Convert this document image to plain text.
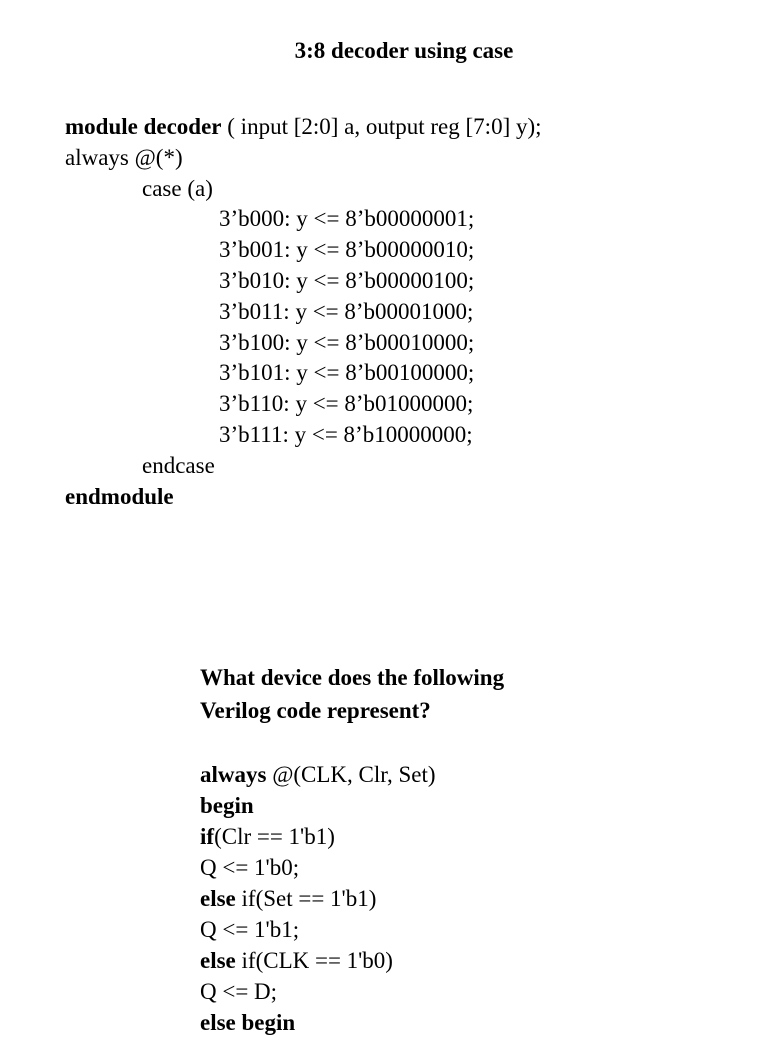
3:8 decoder using case
module decoder ( input [2:0] a, output reg [7:0] y);
always @(*)
case (a)
3’b000: y <= 8’b00000001;
3’b001: y <= 8’b00000010;
3’b010: y <= 8’b00000100;
3’b011: y <= 8’b00001000;
3’b100: y <= 8’b00010000;
3’b101: y <= 8’b00100000;
3’b110: y <= 8’b01000000;
3’b111: y <= 8’b10000000;
endcase
endmodule
What device does the following
Verilog code represent?
always @(CLK, Clr, Set)
begin
if(Clr == 1'b1)
Q <= 1'b0;
else if(Set == 1'b1)
Q <= 1'b1;
else if(CLK == 1'b0)
Q <= D;
else begin
